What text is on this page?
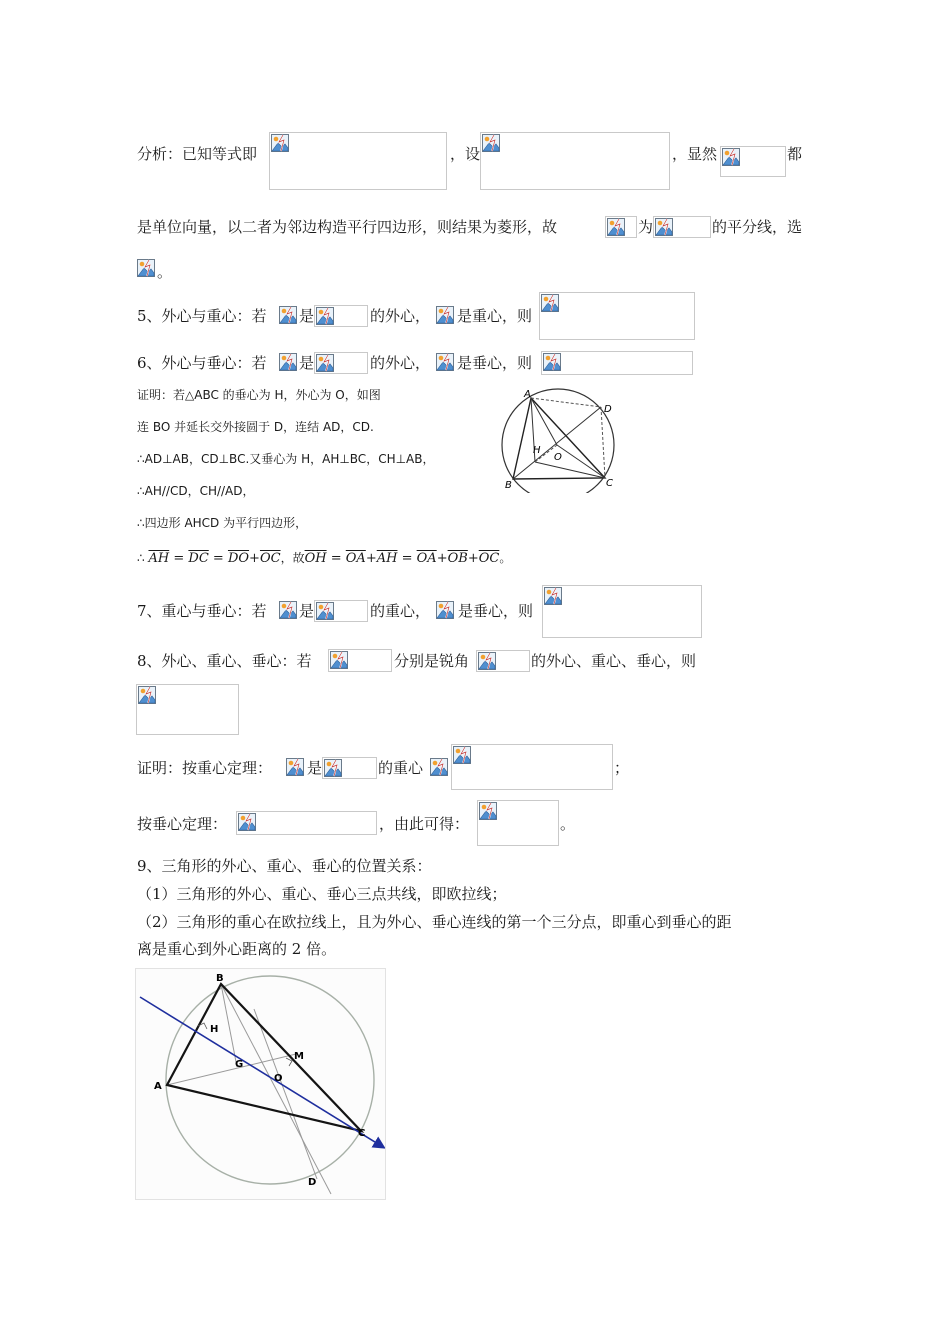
分析：已知等式即	，设	，显然	都
是单位向量，以二者为邻边构造平行四边形，则结果为菱形，故	为	的平分线，选
。
5、外心与重心：若 是	的外心， 是重心，则
6、外心与垂心：若 是	的外心， 是垂心，则
证明：若△ABC 的垂心为 H，外心为 O，如图
连 BO 并延长交外接圆于 D，连结 AD，CD.
∴AD⊥AB，CD⊥BC.又垂心为 H，AH⊥BC，CH⊥AB，
∴AH//CD，CH//AD，
∴四边形 AHCD 为平行四边形，
∴ $\overline{AH} = \overline{DC} = \overline{DO}+\overline{OC}$，故$\overline{OH} = \overline{OA}+\overline{AH} = \overline{OA}+\overline{OB}+\overline{OC}$。
A
D
H
O
B	C
7、重心与垂心：若 是	的重心， 是垂心，则
8、外心、重心、垂心：若	分别是锐角	的外心、重心、垂心，则
证明：按重心定理： 是	的重心	；
按垂心定理：	，由此可得：	。
9、三角形的外心、重心、垂心的位置关系：
（1）三角形的外心、重心、垂心三点共线，即欧拉线；
（2）三角形的重心在欧拉线上，且为外心、垂心连线的第一个三分点，即重心到垂心的距
离是重心到外心距离的 2 倍。
B
H
M
G
O
A
C
D
